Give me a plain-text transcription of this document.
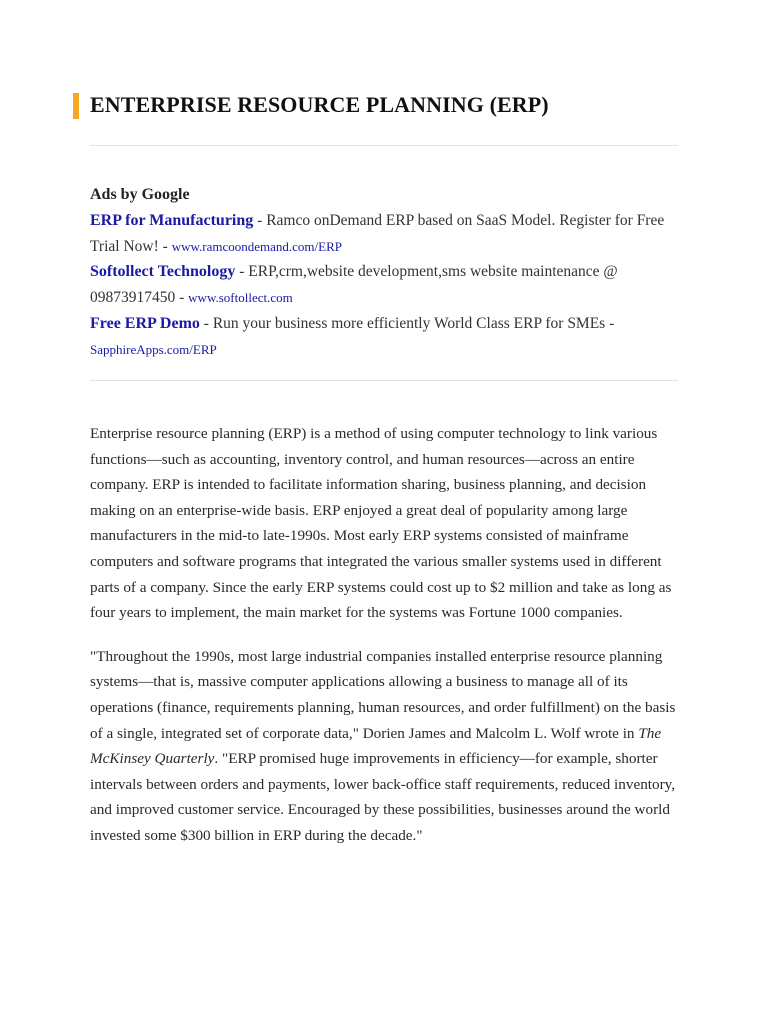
ENTERPRISE RESOURCE PLANNING (ERP)
Ads by Google
ERP for Manufacturing - Ramco onDemand ERP based on SaaS Model. Register for Free Trial Now! - www.ramcoondemand.com/ERP
Softollect Technology - ERP,crm,website development,sms website maintenance @ 09873917450 - www.softollect.com
Free ERP Demo - Run your business more efficiently World Class ERP for SMEs - SapphireApps.com/ERP

Enterprise resource planning (ERP) is a method of using computer technology to link various functions—such as accounting, inventory control, and human resources—across an entire company. ERP is intended to facilitate information sharing, business planning, and decision making on an enterprise-wide basis. ERP enjoyed a great deal of popularity among large manufacturers in the mid-to late-1990s. Most early ERP systems consisted of mainframe computers and software programs that integrated the various smaller systems used in different parts of a company. Since the early ERP systems could cost up to $2 million and take as long as four years to implement, the main market for the systems was Fortune 1000 companies.

"Throughout the 1990s, most large industrial companies installed enterprise resource planning systems—that is, massive computer applications allowing a business to manage all of its operations (finance, requirements planning, human resources, and order fulfillment) on the basis of a single, integrated set of corporate data," Dorien James and Malcolm L. Wolf wrote in The McKinsey Quarterly. "ERP promised huge improvements in efficiency—for example, shorter intervals between orders and payments, lower back-office staff requirements, reduced inventory, and improved customer service. Encouraged by these possibilities, businesses around the world invested some $300 billion in ERP during the decade."
